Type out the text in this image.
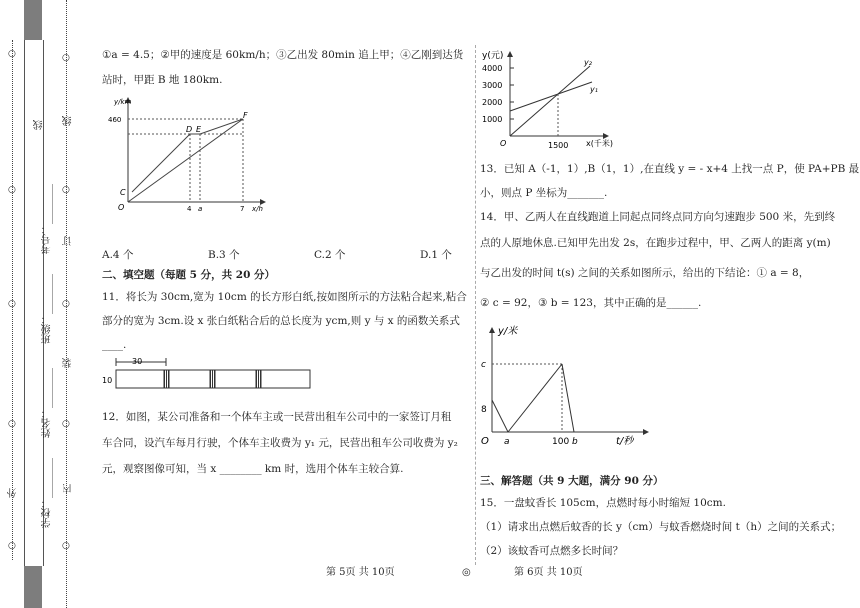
○
○
○
○
○
外
○
○
○
○
○
线
订
装
内
线
考号：________
班级：________
姓名：________
学校：________
①a = 4.5；②甲的速度是 60km/h；③乙出发 80min 追上甲；④乙刚到达货
站时，甲距 B 地 180km.
y/km
460
O
C
D E
F
4 a	7 x/h
A.4 个	B.3 个	C.2 个	D.1 个
二、填空题（每题 5 分，共 20 分）
11．将长为 30cm,宽为 10cm 的长方形白纸,按如图所示的方法粘合起来,粘合
部分的宽为 3cm.设 x 张白纸粘合后的总长度为 ycm,则 y 与 x 的函数关系式
____.
30
10
12．如图，某公司准备和一个体车主或一民营出租车公司中的一家签订月租
车合同，设汽车每月行驶，个体车主收费为 y₁ 元，民营出租车公司收费为 y₂
元，观察图像可知，当 x ________ km 时，选用个体车主较合算.
y(元)
4000
3000
2000
1000
O	1500 x(千米)
y₂
y₁
13．已知 A（-1，1）,B（1，1）,在直线 y = - x+4 上找一点 P，使 PA+PB 最
小，则点 P 坐标为_______.
14．甲、乙两人在直线跑道上同起点同终点同方向匀速跑步 500 米，先到终
点的人原地休息.已知甲先出发 2s，在跑步过程中，甲、乙两人的距离 y(m)
与乙出发的时间 t(s) 之间的关系如图所示，给出的下结论：① a = 8，
② c = 92，③ b = 123，其中正确的是______.
y/米
c
8
O a	100 b	t/秒
三、解答题（共 9 大题，满分 90 分）
15．一盘蚊香长 105cm，点燃时每小时缩短 10cm.
（1）请求出点燃后蚊香的长 y（cm）与蚊香燃烧时间 t（h）之间的关系式；
（2）该蚊香可点燃多长时间？
第 5页 共 10页	◎	第 6页 共 10页
